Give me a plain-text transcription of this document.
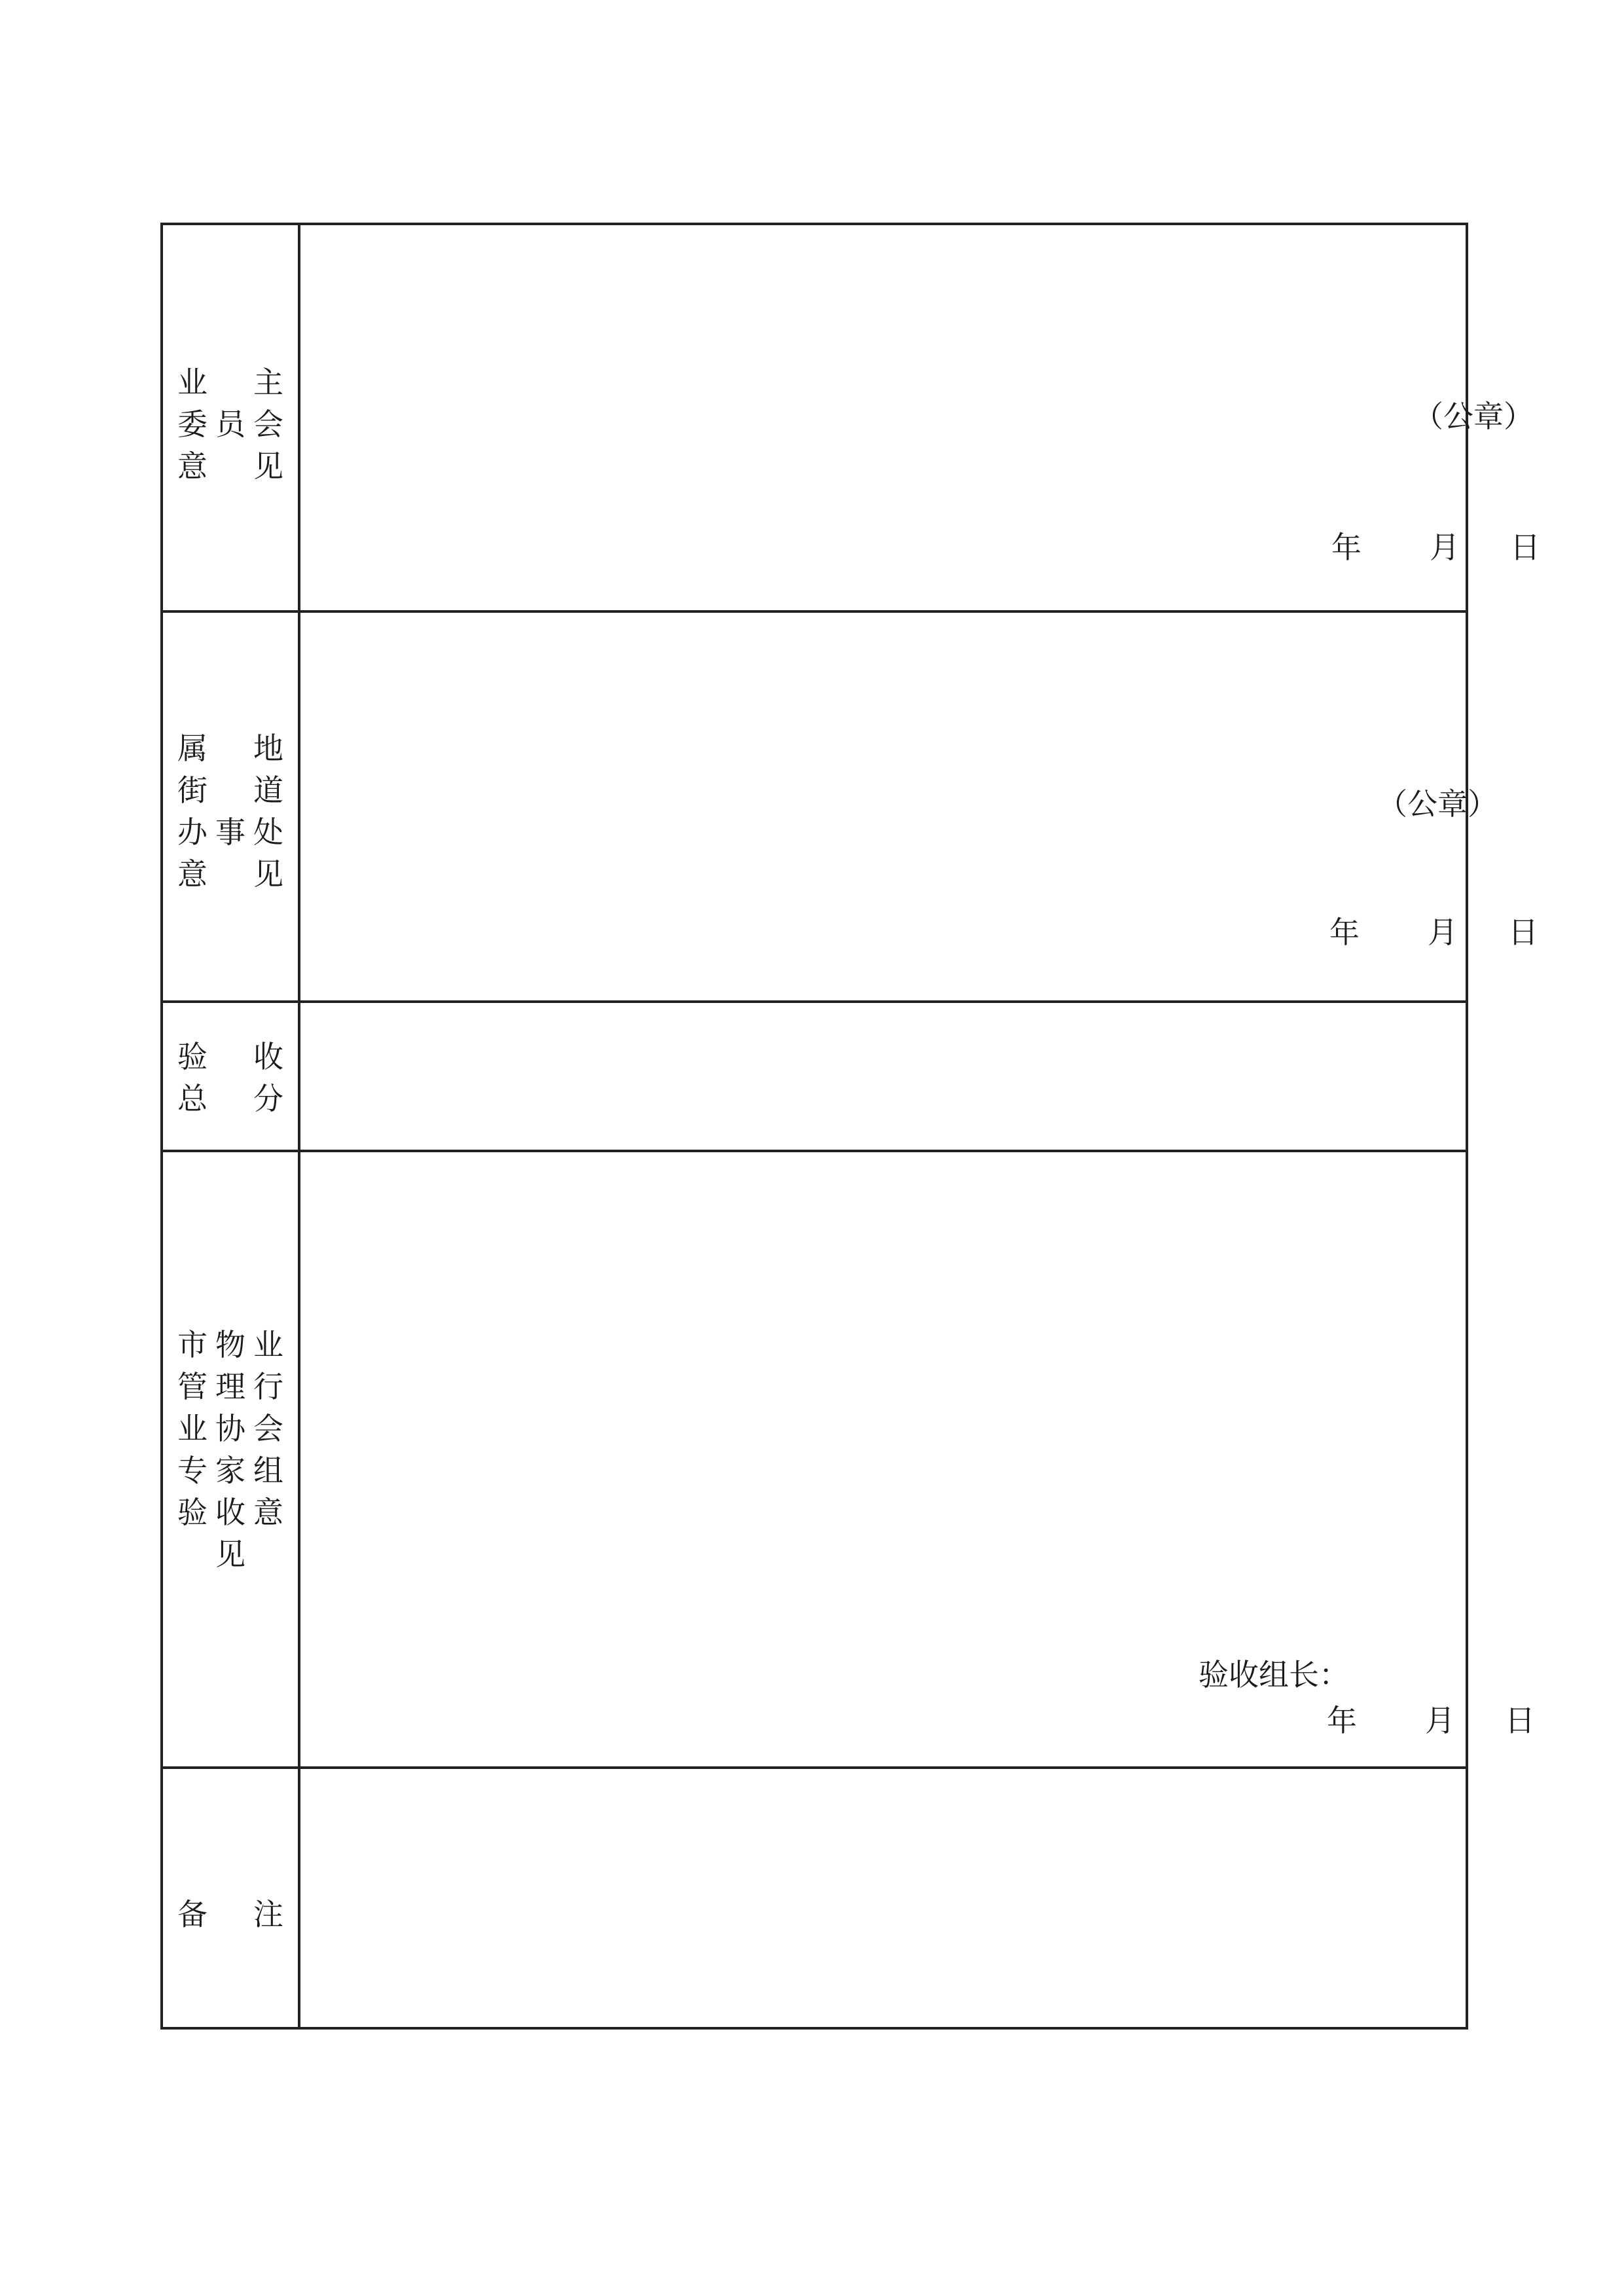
业 主
委 员 会
意 见
（公章）
年 月 日
属 地
街 道
办 事 处
意 见
（公章）
年 月 日
验 收
总 分
市 物 业
管 理 行
业 协 会
专 家 组
验 收 意
见
验收组长：
年 月 日
备 注
